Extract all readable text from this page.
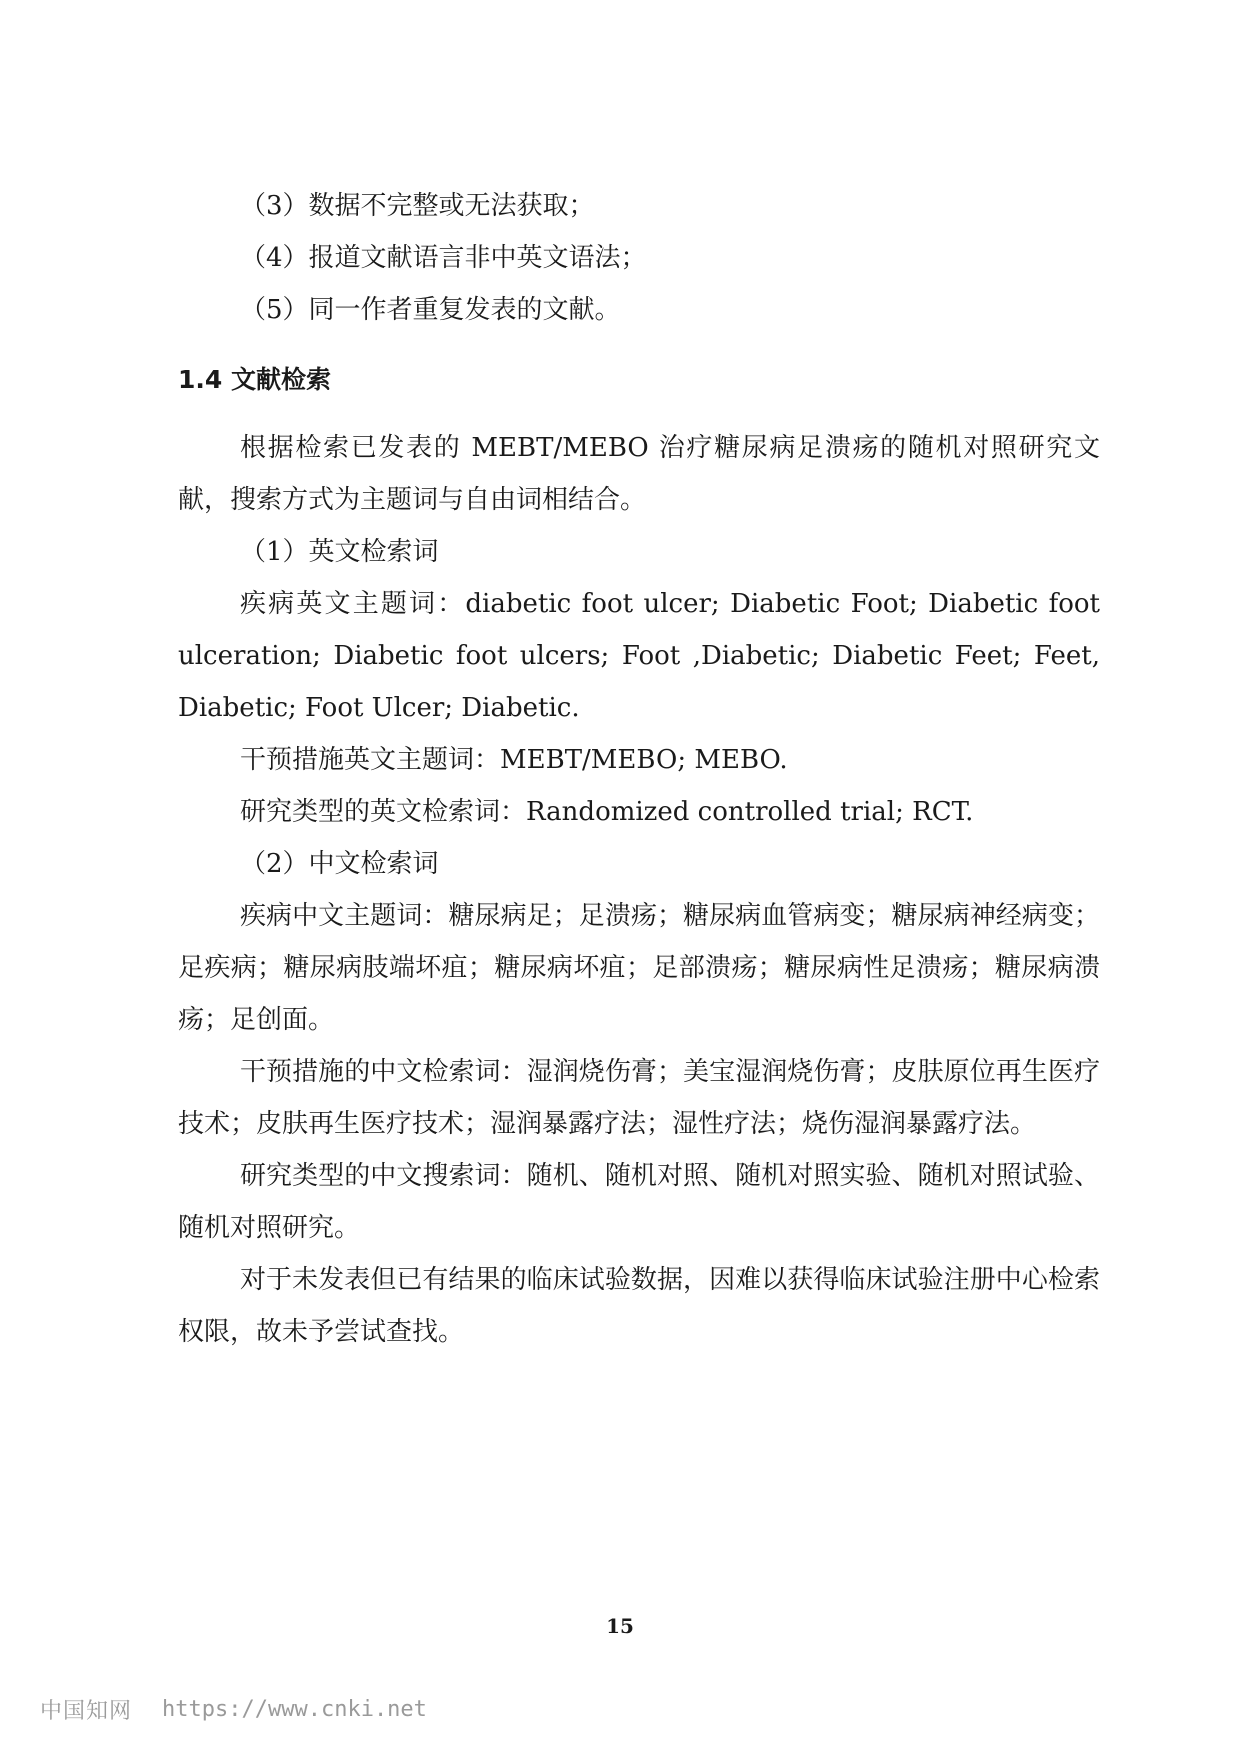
（3）数据不完整或无法获取；

（4）报道文献语言非中英文语法；

（5）同一作者重复发表的文献。

1.4 文献检索

根据检索已发表的 MEBT/MEBO 治疗糖尿病足溃疡的随机对照研究文献，搜索方式为主题词与自由词相结合。

（1）英文检索词

疾病英文主题词：diabetic foot ulcer; Diabetic Foot; Diabetic foot ulceration; Diabetic foot ulcers; Foot ,Diabetic; Diabetic Feet; Feet, Diabetic; Foot Ulcer; Diabetic.

干预措施英文主题词：MEBT/MEBO; MEBO.

研究类型的英文检索词：Randomized controlled trial; RCT.

（2）中文检索词

疾病中文主题词：糖尿病足；足溃疡；糖尿病血管病变；糖尿病神经病变；足疾病；糖尿病肢端坏疽；糖尿病坏疽；足部溃疡；糖尿病性足溃疡；糖尿病溃疡；足创面。

干预措施的中文检索词：湿润烧伤膏；美宝湿润烧伤膏；皮肤原位再生医疗技术；皮肤再生医疗技术；湿润暴露疗法；湿性疗法；烧伤湿润暴露疗法。

研究类型的中文搜索词：随机、随机对照、随机对照实验、随机对照试验、随机对照研究。

对于未发表但已有结果的临床试验数据，因难以获得临床试验注册中心检索权限，故未予尝试查找。

15
中国知网 https://www.cnki.net
